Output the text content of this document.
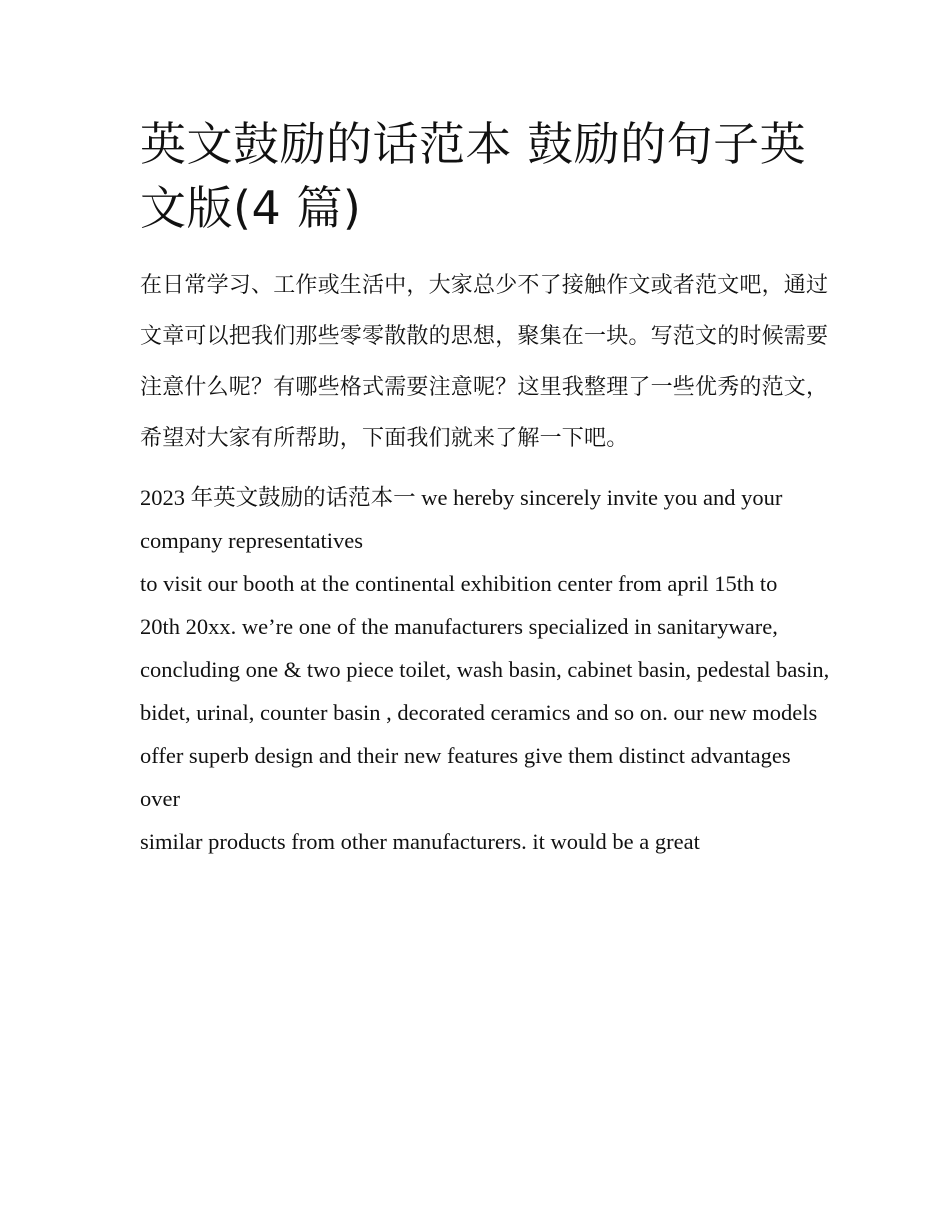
英文鼓励的话范本 鼓励的句子英文版(4 篇)

在日常学习、工作或生活中，大家总少不了接触作文或者范文吧，通过文章可以把我们那些零零散散的思想，聚集在一块。写范文的时候需要注意什么呢？有哪些格式需要注意呢？这里我整理了一些优秀的范文，希望对大家有所帮助，下面我们就来了解一下吧。

2023 年英文鼓励的话范本一 we hereby sincerely invite you and your company representatives
to visit our booth at the continental exhibition center from april 15th to
20th 20xx. we’re one of the manufacturers specialized in sanitaryware,
concluding one & two piece toilet, wash basin, cabinet basin, pedestal basin,
bidet, urinal, counter basin , decorated ceramics and so on. our new models
offer superb design and their new features give them distinct advantages over
similar products from other manufacturers. it would be a great
